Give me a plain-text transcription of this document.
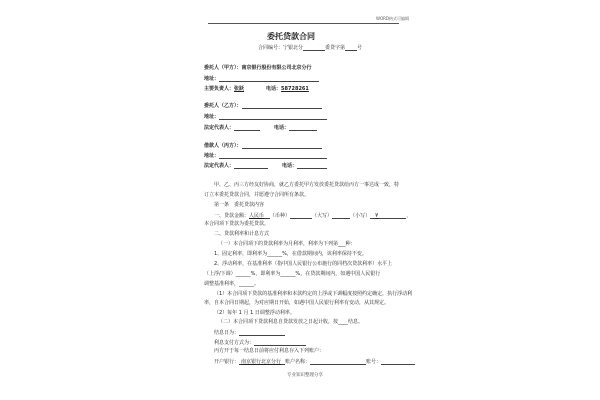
WORD格式可编辑
委托贷款合同
合同编号：宁银北分	委贷字第 号
委托人（甲方）：南京银行股份有限公司北京分行
地址：
主要负责人：张跃	电话：58728261
委托人（乙方）：
地址：
法定代表人：	电话：
借款人（丙方）：
地址：
法定代表人：	电话：
甲、乙、丙三方经友好协商，就乙方委托甲方发放委托贷款给丙方一事达成一致，特
订立本委托贷款合同，并愿遵守合同所有条款。
第一条　委托贷款内容
一、贷款金额：人民币 （币种）	（大写）	（小写） ¥	，
本合同项下贷款为委托贷款。
二、贷款利率和计息方式
（一）本合同项下的贷款利率为月利率，利率为下列第___种：
1、固定利率，即利率为______%，在借款期间内，该利率保持不变。
2、浮动利率，在基准利率（指中国人民银行公布施行的同档次贷款利率）水平上
（上浮/下调）______%，即利率为______%，在贷款期间内，如遇中国人民银行
调整基准利率，______。
（1）本合同项下贷款的基准利率和本款约定的上浮或下调幅度按照约定确定，执行浮动利
率，自本合同日期起，为对应期日开始，如遇中国人民银行利率有变动，从其规定。
（2）每年 1 月 1 日调整浮动利率。
（二）本合同项下贷款利息自贷款发放之日起计收，按____结息。
结息日为：
利息支付方式为：
丙方开于每一结息日前将应付利息存入下列账户：
开户银行： 南京银行北京分行 账户名称：	账号：
专业知识整理分享
